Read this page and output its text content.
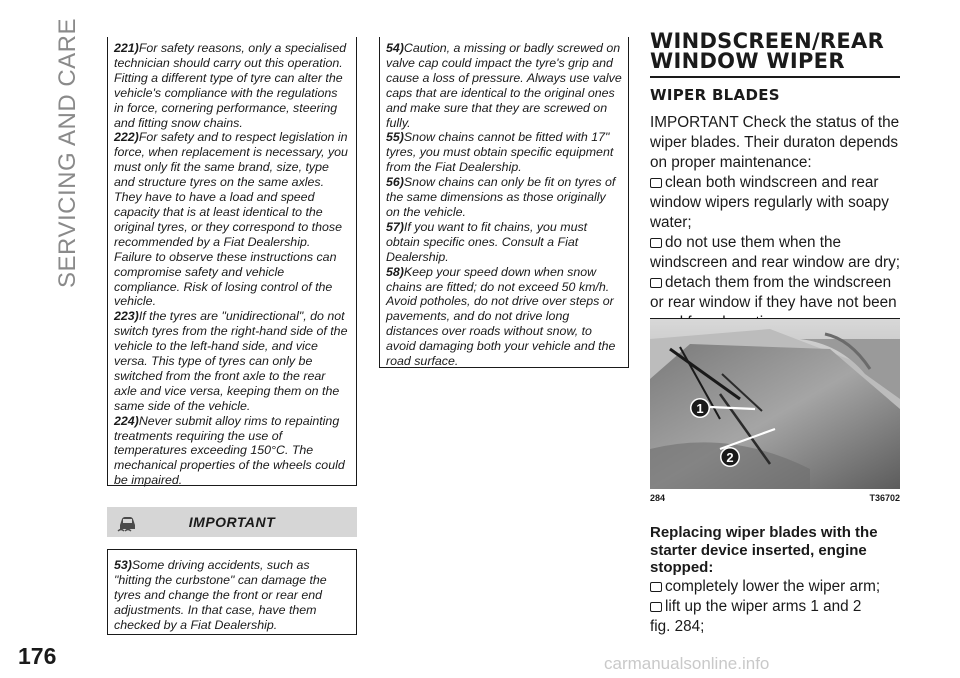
SERVICING AND CARE
176	carmanualsonline.info
221)For safety reasons, only a specialised technician should carry out this operation. Fitting a different type of tyre can alter the vehicle's compliance with the regulations in force, cornering performance, steering and fitting snow chains.
222)For safety and to respect legislation in force, when replacement is necessary, you must only fit the same brand, size, type and structure tyres on the same axles. They have to have a load and speed capacity that is at least identical to the original tyres, or they correspond to those recommended by a Fiat Dealership. Failure to observe these instructions can compromise safety and vehicle compliance. Risk of losing control of the vehicle.
223)If the tyres are "unidirectional", do not switch tyres from the right-hand side of the vehicle to the left-hand side, and vice versa. This type of tyres can only be switched from the front axle to the rear axle and vice versa, keeping them on the same side of the vehicle.
224)Never submit alloy rims to repainting treatments requiring the use of temperatures exceeding 150°C. The mechanical properties of the wheels could be impaired.
IMPORTANT
53)Some driving accidents, such as "hitting the curbstone" can damage the tyres and change the front or rear end adjustments. In that case, have them checked by a Fiat Dealership.
54)Caution, a missing or badly screwed on valve cap could impact the tyre's grip and cause a loss of pressure. Always use valve caps that are identical to the original ones and make sure that they are screwed on fully.
55)Snow chains cannot be fitted with 17" tyres, you must obtain specific equipment from the Fiat Dealership.
56)Snow chains can only be fit on tyres of the same dimensions as those originally on the vehicle.
57)If you want to fit chains, you must obtain specific ones. Consult a Fiat Dealership.
58)Keep your speed down when snow chains are fitted; do not exceed 50 km/h. Avoid potholes, do not drive over steps or pavements, and do not drive long distances over roads without snow, to avoid damaging both your vehicle and the road surface.
WINDSCREEN/REAR
WINDOW WIPER
WIPER BLADES
IMPORTANT Check the status of the wiper blades. Their duraton depends on proper maintenance:
clean both windscreen and rear window wipers regularly with soapy water;
do not use them when the windscreen and rear window are dry;
detach them from the windscreen or rear window if they have not been
1
2
284	T36702
Replacing wiper blades with the starter device inserted, engine stopped:
completely lower the wiper arm;
lift up the wiper arms 1 and 2
fig. 284;
